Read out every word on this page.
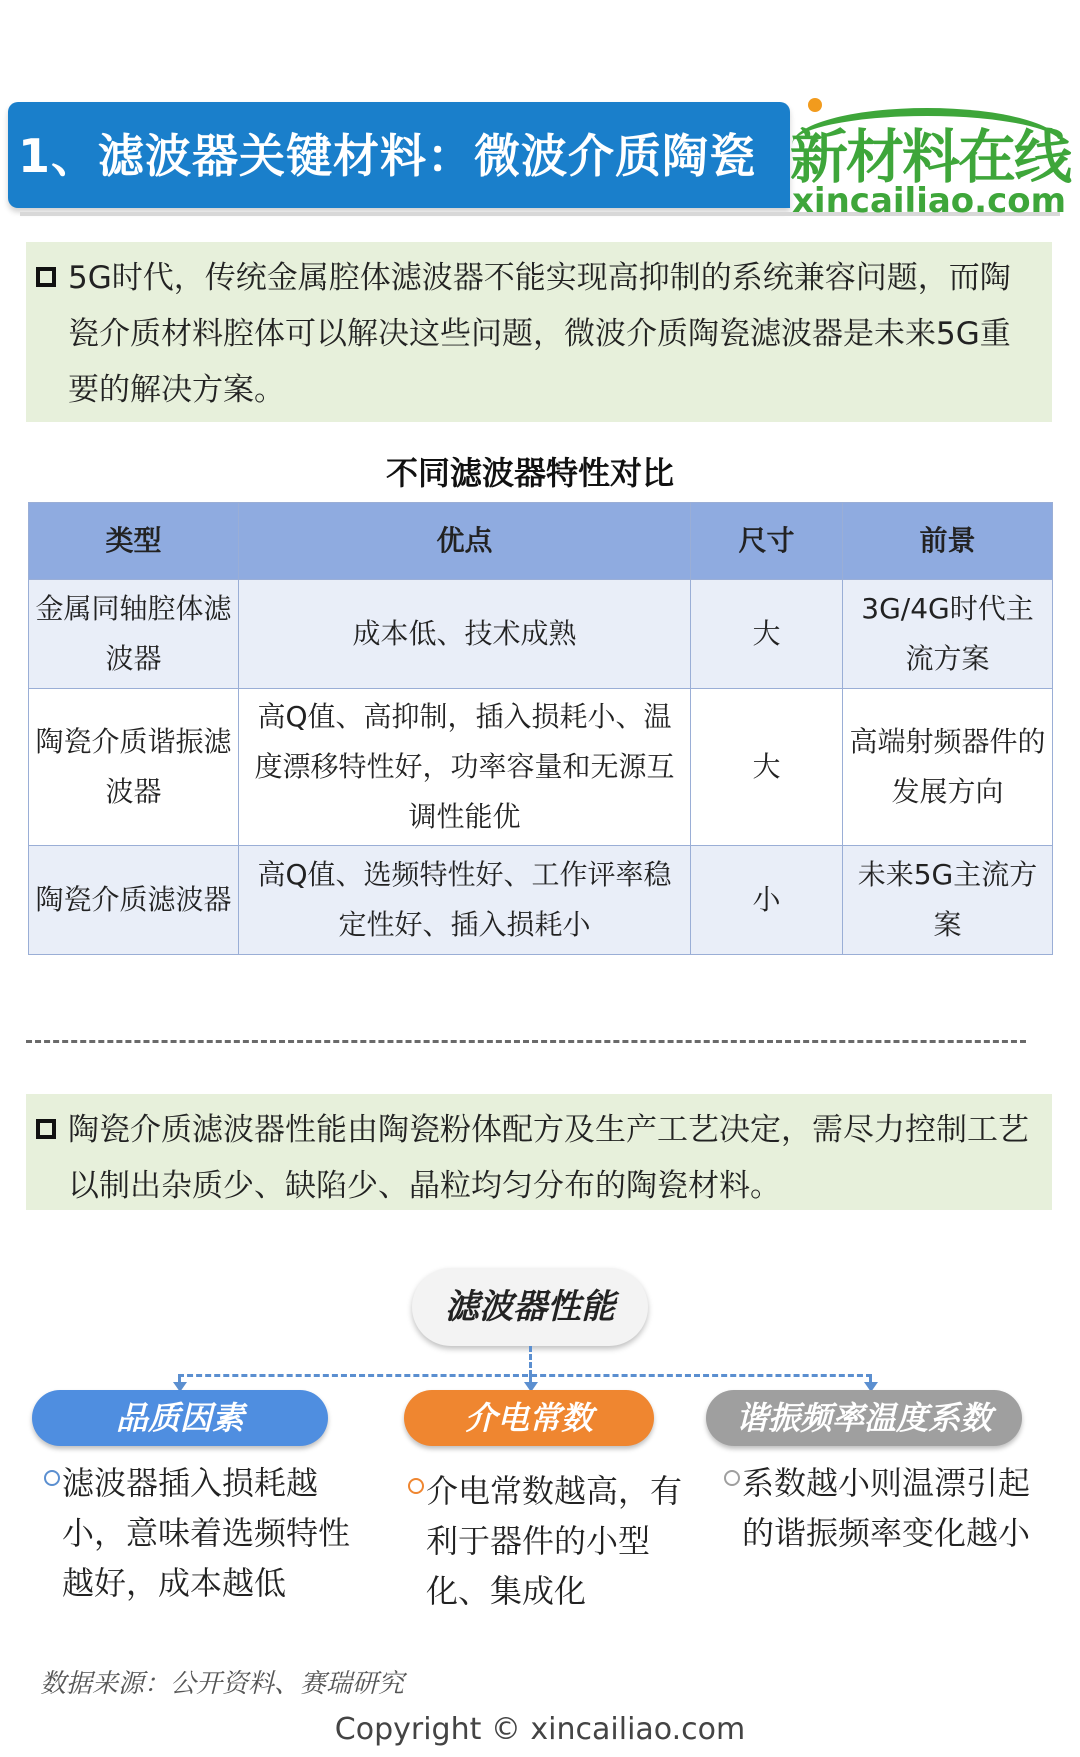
1、滤波器关键材料：微波介质陶瓷 新材料在线
xincailiao.com

5G时代，传统金属腔体滤波器不能实现高抑制的系统兼容问题，而陶瓷介质材料腔体可以解决这些问题，微波介质陶瓷滤波器是未来5G重要的解决方案。

不同滤波器特性对比
类型	优点	尺寸	前景
金属同轴腔体滤波器	成本低、技术成熟	大	3G/4G时代主流方案
陶瓷介质谐振滤波器	高Q值、高抑制，插入损耗小、温度漂移特性好，功率容量和无源互调性能优	大	高端射频器件的发展方向
陶瓷介质滤波器	高Q值、选频特性好、工作评率稳定性好、插入损耗小	小	未来5G主流方案

陶瓷介质滤波器性能由陶瓷粉体配方及生产工艺决定，需尽力控制工艺以制出杂质少、缺陷少、晶粒均匀分布的陶瓷材料。

滤波器性能
品质因素	介电常数	谐振频率温度系数
滤波器插入损耗越小，意味着选频特性越好，成本越低
介电常数越高，有利于器件的小型化、集成化
系数越小则温漂引起的谐振频率变化越小
数据来源：公开资料、赛瑞研究
Copyright © xincailiao.com
